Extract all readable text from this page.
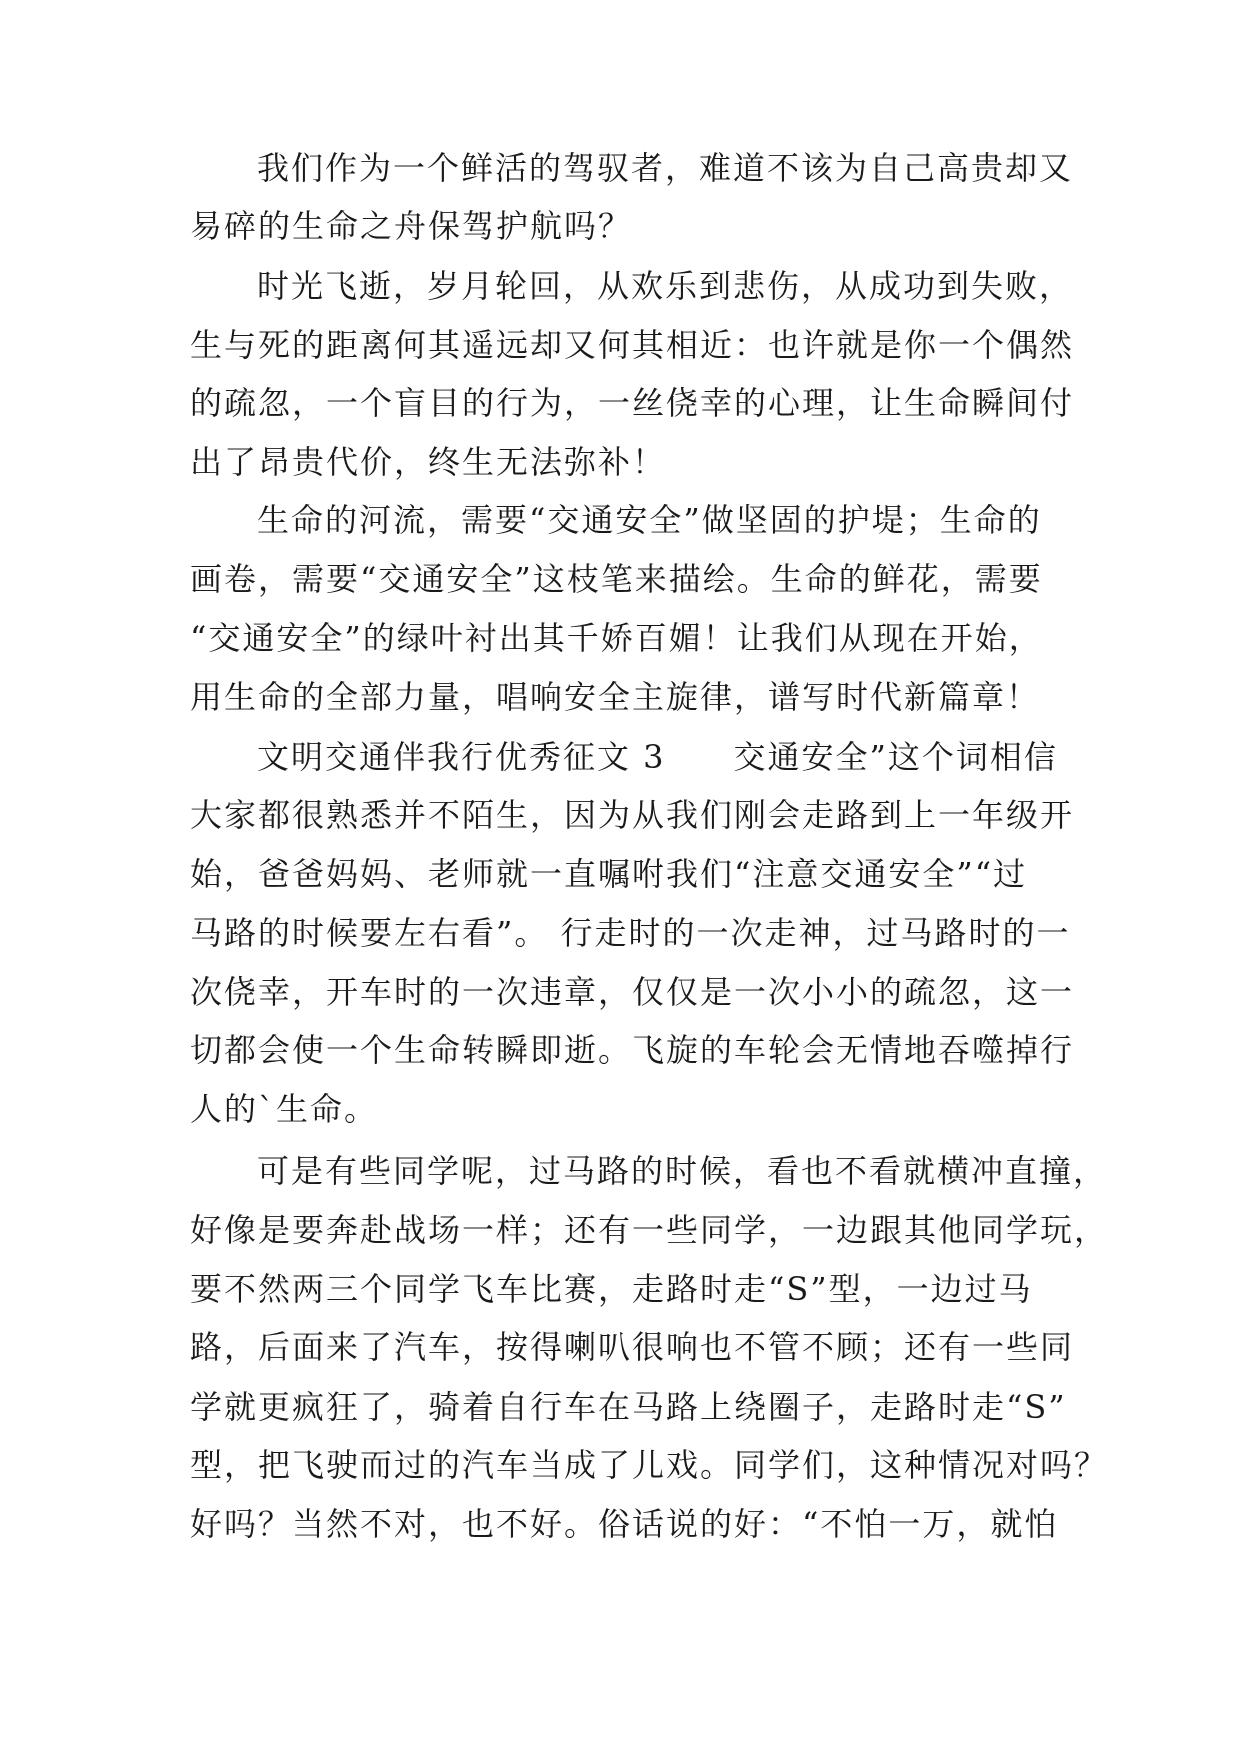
我们作为一个鲜活的驾驭者，难道不该为自己高贵却又
易碎的生命之舟保驾护航吗？
时光飞逝，岁月轮回，从欢乐到悲伤，从成功到失败，
生与死的距离何其遥远却又何其相近：也许就是你一个偶然
的疏忽，一个盲目的行为，一丝侥幸的心理，让生命瞬间付
出了昂贵代价，终生无法弥补！
生命的河流，需要“交通安全”做坚固的护堤；生命的
画卷，需要“交通安全”这枝笔来描绘。生命的鲜花，需要
“交通安全”的绿叶衬出其千娇百媚！让我们从现在开始，
用生命的全部力量，唱响安全主旋律，谱写时代新篇章！
文明交通伴我行优秀征文 3　　交通安全”这个词相信
大家都很熟悉并不陌生，因为从我们刚会走路到上一年级开
始，爸爸妈妈、老师就一直嘱咐我们“注意交通安全”“过
马路的时候要左右看”。 行走时的一次走神，过马路时的一
次侥幸，开车时的一次违章，仅仅是一次小小的疏忽，这一
切都会使一个生命转瞬即逝。飞旋的车轮会无情地吞噬掉行
人的`生命。
可是有些同学呢，过马路的时候，看也不看就横冲直撞，
好像是要奔赴战场一样；还有一些同学，一边跟其他同学玩，
要不然两三个同学飞车比赛，走路时走“S”型，一边过马
路，后面来了汽车，按得喇叭很响也不管不顾；还有一些同
学就更疯狂了，骑着自行车在马路上绕圈子，走路时走“S”
型，把飞驶而过的汽车当成了儿戏。同学们，这种情况对吗？
好吗？当然不对，也不好。俗话说的好：“不怕一万，就怕
